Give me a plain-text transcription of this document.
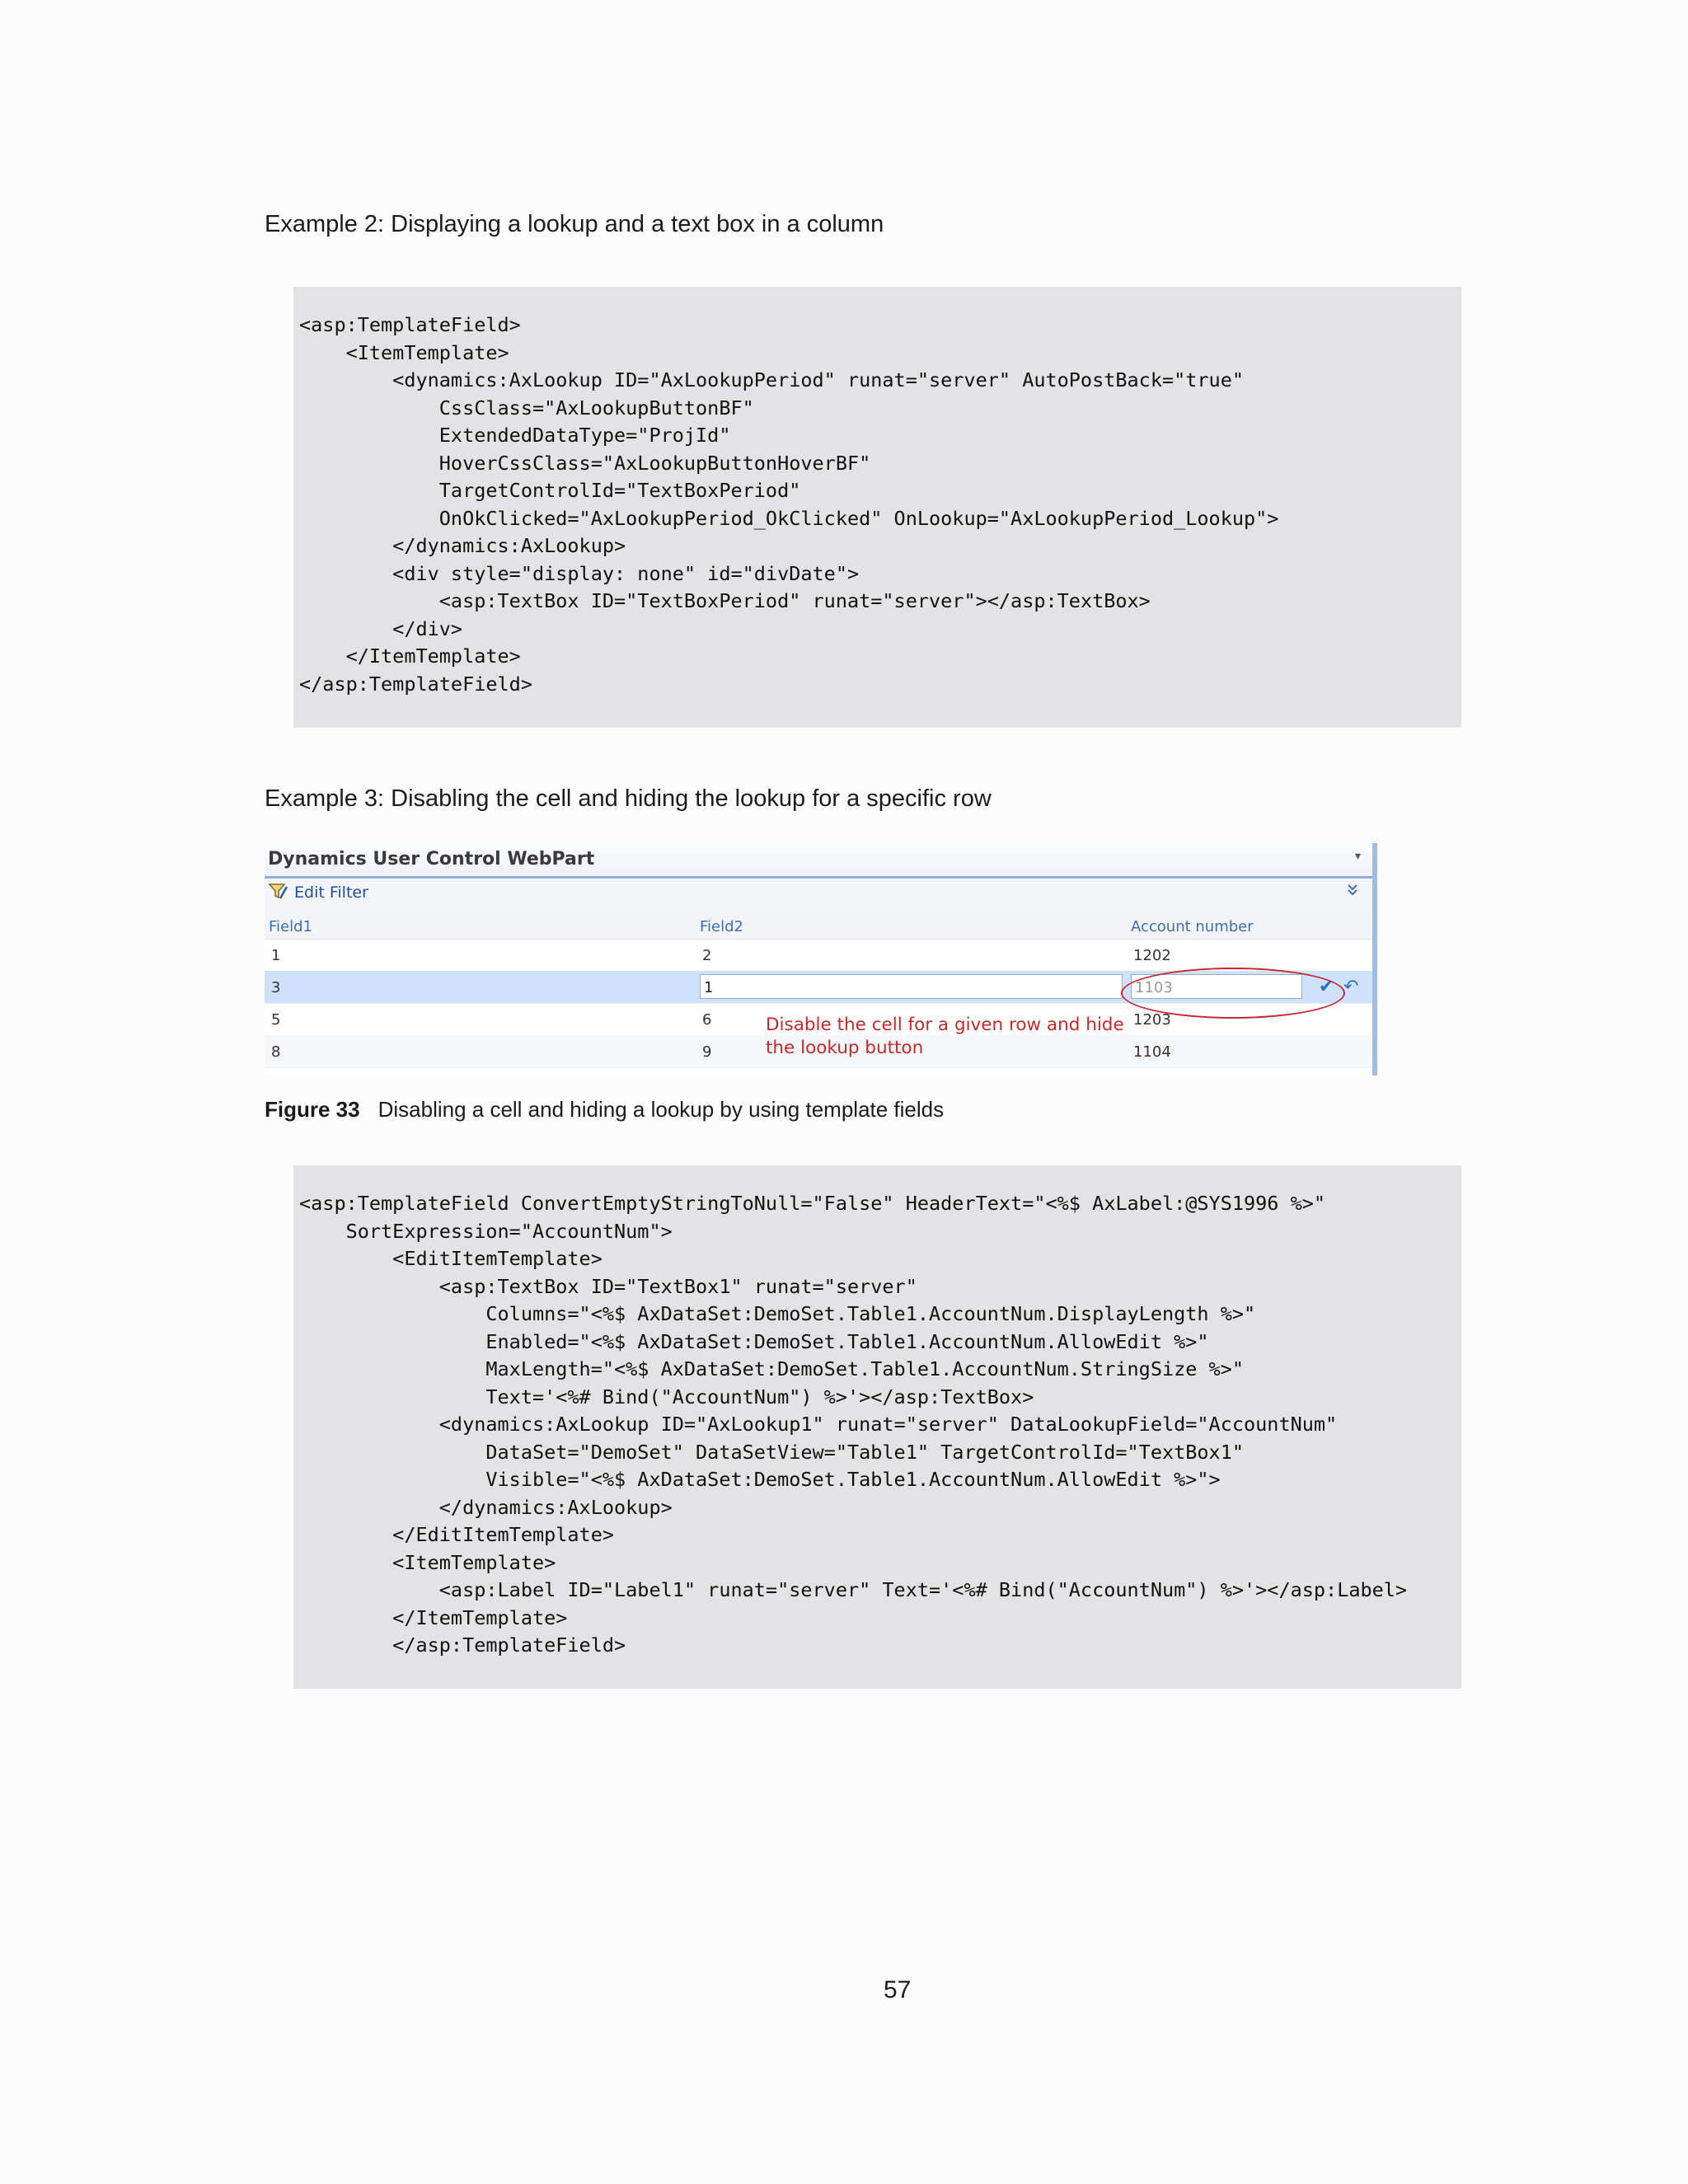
Example 2: Displaying a lookup and a text box in a column
<asp:TemplateField>
<ItemTemplate>
<dynamics:AxLookup ID="AxLookupPeriod" runat="server" AutoPostBack="true"
CssClass="AxLookupButtonBF"
ExtendedDataType="ProjId"
HoverCssClass="AxLookupButtonHoverBF"
TargetControlId="TextBoxPeriod"
OnOkClicked="AxLookupPeriod_OkClicked" OnLookup="AxLookupPeriod_Lookup">
</dynamics:AxLookup>
<div style="display: none" id="divDate">
<asp:TextBox ID="TextBoxPeriod" runat="server"></asp:TextBox>
</div>
</ItemTemplate>
</asp:TemplateField>
Example 3: Disabling the cell and hiding the lookup for a specific row
Dynamics User Control WebPart	▾
Edit Filter
Field1	Field2	Account number
1	2	1202
3	1	1103	✔ ↶
5	6	1203
8	9	1104
Disable the cell for a given row and hide
the lookup button
Figure 33 Disabling a cell and hiding a lookup by using template fields
<asp:TemplateField ConvertEmptyStringToNull="False" HeaderText="<%$ AxLabel:@SYS1996 %>"
SortExpression="AccountNum">
<EditItemTemplate>
<asp:TextBox ID="TextBox1" runat="server"
Columns="<%$ AxDataSet:DemoSet.Table1.AccountNum.DisplayLength %>"
Enabled="<%$ AxDataSet:DemoSet.Table1.AccountNum.AllowEdit %>"
MaxLength="<%$ AxDataSet:DemoSet.Table1.AccountNum.StringSize %>"
Text='<%# Bind("AccountNum") %>'></asp:TextBox>
<dynamics:AxLookup ID="AxLookup1" runat="server" DataLookupField="AccountNum"
DataSet="DemoSet" DataSetView="Table1" TargetControlId="TextBox1"
Visible="<%$ AxDataSet:DemoSet.Table1.AccountNum.AllowEdit %>">
</dynamics:AxLookup>
</EditItemTemplate>
<ItemTemplate>
<asp:Label ID="Label1" runat="server" Text='<%# Bind("AccountNum") %>'></asp:Label>
</ItemTemplate>
</asp:TemplateField>
57
